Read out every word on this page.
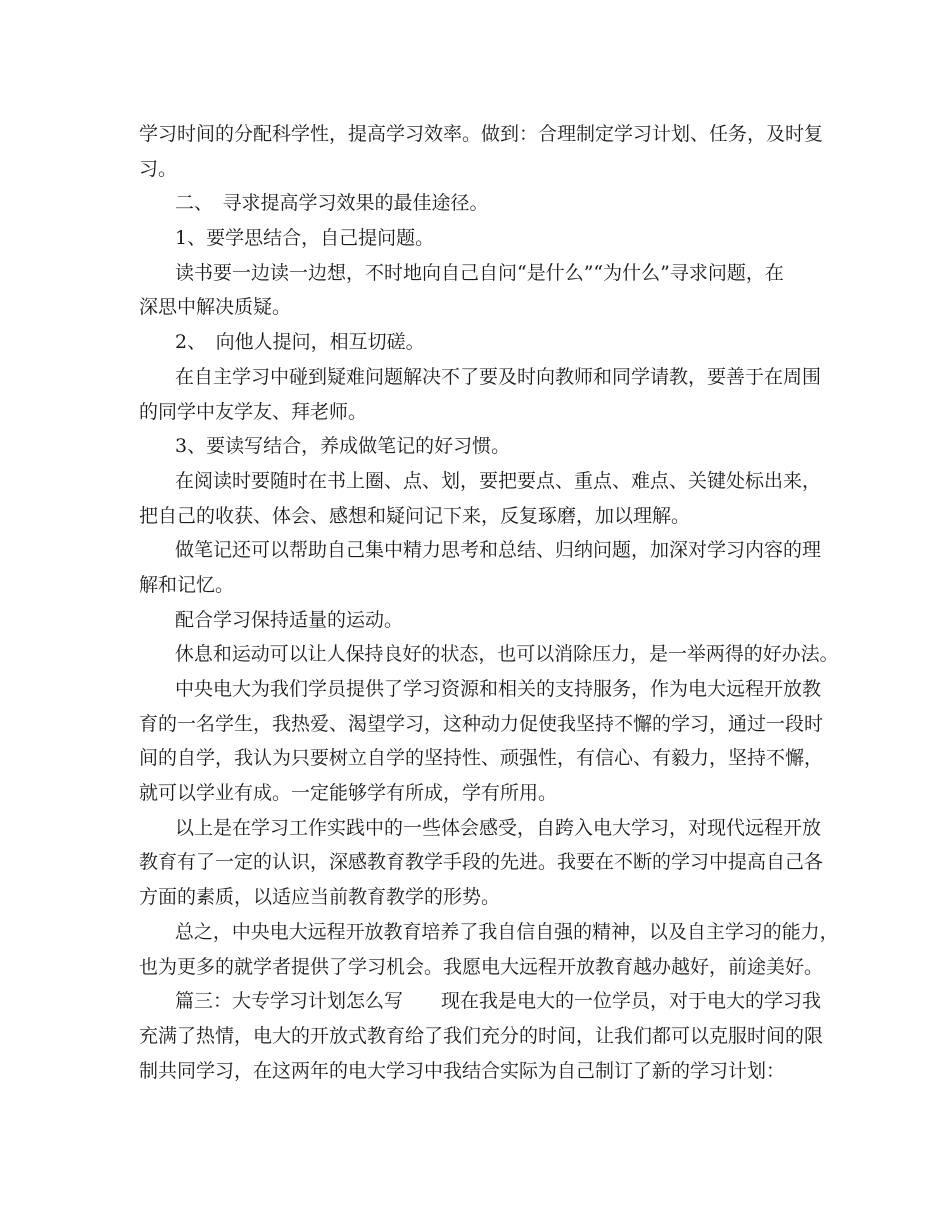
学习时间的分配科学性，提高学习效率。做到：合理制定学习计划、任务，及时复
习。
二、　寻求提高学习效果的最佳途径。
1、要学思结合，自己提问题。
读书要一边读一边想，不时地向自己自问“是什么”“为什么”寻求问题，在
深思中解决质疑。
2、　向他人提问，相互切磋。
在自主学习中碰到疑难问题解决不了要及时向教师和同学请教，要善于在周围
的同学中友学友、拜老师。
3、要读写结合，养成做笔记的好习惯。
在阅读时要随时在书上圈、点、划，要把要点、重点、难点、关键处标出来，
把自己的收获、体会、感想和疑问记下来，反复琢磨，加以理解。
做笔记还可以帮助自己集中精力思考和总结、归纳问题，加深对学习内容的理
解和记忆。
配合学习保持适量的运动。
休息和运动可以让人保持良好的状态，也可以消除压力，是一举两得的好办法。
中央电大为我们学员提供了学习资源和相关的支持服务，作为电大远程开放教
育的一名学生，我热爱、渴望学习，这种动力促使我坚持不懈的学习，通过一段时
间的自学，我认为只要树立自学的坚持性、顽强性，有信心、有毅力，坚持不懈，
就可以学业有成。一定能够学有所成，学有所用。
以上是在学习工作实践中的一些体会感受，自跨入电大学习，对现代远程开放
教育有了一定的认识，深感教育教学手段的先进。我要在不断的学习中提高自己各
方面的素质，以适应当前教育教学的形势。
总之，中央电大远程开放教育培养了我自信自强的精神，以及自主学习的能力，
也为更多的就学者提供了学习机会。我愿电大远程开放教育越办越好，前途美好。
篇三：大专学习计划怎么写　　现在我是电大的一位学员，对于电大的学习我
充满了热情，电大的开放式教育给了我们充分的时间，让我们都可以克服时间的限
制共同学习，在这两年的电大学习中我结合实际为自己制订了新的学习计划：
